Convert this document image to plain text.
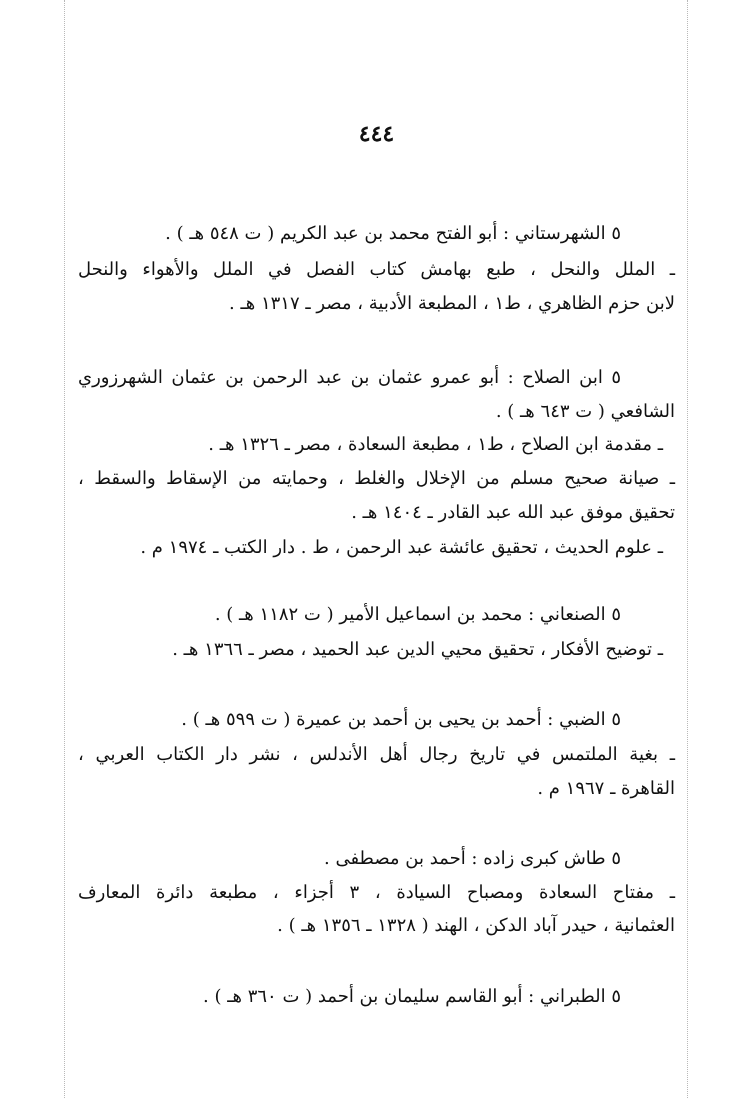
٤٤٤
٥ الشهرستاني : أبو الفتح محمد بن عبد الكريم ( ت ٥٤٨ هـ ) .
ـ الملل والنحل ، طبع بهامش كتاب الفصل في الملل والأهواء والنحل
لابن حزم الظاهري ، ط١ ، المطبعة الأدبية ، مصر ـ ١٣١٧ هـ .
٥ ابن الصلاح : أبو عمرو عثمان بن عبد الرحمن بن عثمان الشهرزوري
الشافعي ( ت ٦٤٣ هـ ) .
ـ مقدمة ابن الصلاح ، ط١ ، مطبعة السعادة ، مصر ـ ١٣٢٦ هـ .
ـ صيانة صحيح مسلم من الإخلال والغلط ، وحمايته من الإسقاط والسقط ،
تحقيق موفق عبد الله عبد القادر ـ ١٤٠٤ هـ .
ـ علوم الحديث ، تحقيق عائشة عبد الرحمن ، ط . دار الكتب ـ ١٩٧٤ م .
٥ الصنعاني : محمد بن اسماعيل الأمير ( ت ١١٨٢ هـ ) .
ـ توضيح الأفكار ، تحقيق محيي الدين عبد الحميد ، مصر ـ ١٣٦٦ هـ .
٥ الضبي : أحمد بن يحيى بن أحمد بن عميرة ( ت ٥٩٩ هـ ) .
ـ بغية الملتمس في تاريخ رجال أهل الأندلس ، نشر دار الكتاب العربي ،
القاهرة ـ ١٩٦٧ م .
٥ طاش كبرى زاده : أحمد بن مصطفى .
ـ مفتاح السعادة ومصباح السيادة ، ٣ أجزاء ، مطبعة دائرة المعارف
العثمانية ، حيدر آباد الدكن ، الهند ( ١٣٢٨ ـ ١٣٥٦ هـ ) .
٥ الطبراني : أبو القاسم سليمان بن أحمد ( ت ٣٦٠ هـ ) .
